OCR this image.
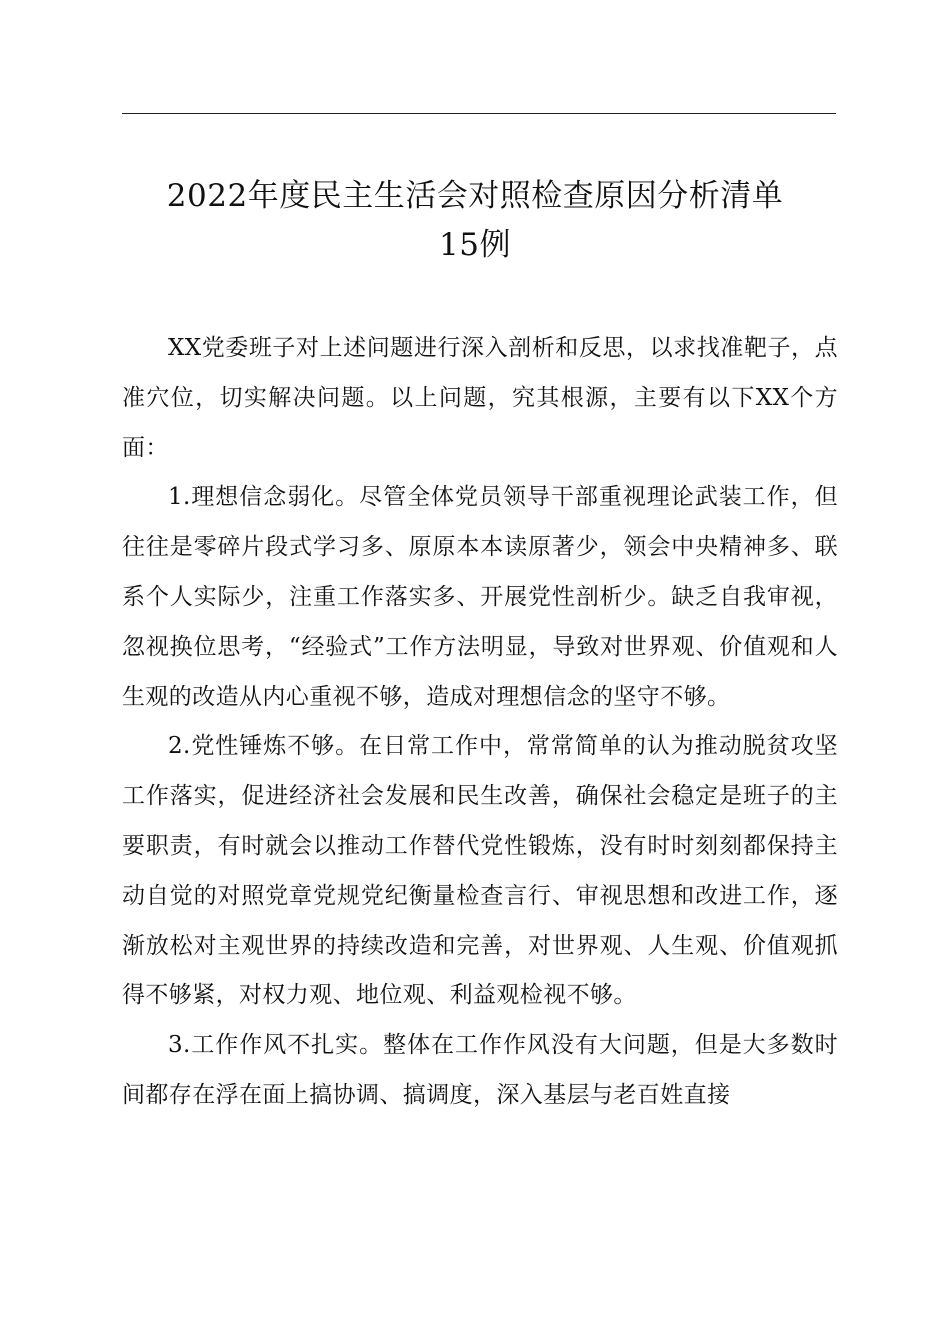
2022年度民主生活会对照检查原因分析清单
15例

XX党委班子对上述问题进行深入剖析和反思，以求找准靶子，点准穴位，切实解决问题。以上问题，究其根源，主要有以下XX个方面：

1.理想信念弱化。尽管全体党员领导干部重视理论武装工作，但往往是零碎片段式学习多、原原本本读原著少，领会中央精神多、联系个人实际少，注重工作落实多、开展党性剖析少。缺乏自我审视，忽视换位思考，“经验式”工作方法明显，导致对世界观、价值观和人生观的改造从内心重视不够，造成对理想信念的坚守不够。

2.党性锤炼不够。在日常工作中，常常简单的认为推动脱贫攻坚工作落实，促进经济社会发展和民生改善，确保社会稳定是班子的主要职责，有时就会以推动工作替代党性锻炼，没有时时刻刻都保持主动自觉的对照党章党规党纪衡量检查言行、审视思想和改进工作，逐渐放松对主观世界的持续改造和完善，对世界观、人生观、价值观抓得不够紧，对权力观、地位观、利益观检视不够。

3.工作作风不扎实。整体在工作作风没有大问题，但是大多数时间都存在浮在面上搞协调、搞调度，深入基层与老百姓直接
